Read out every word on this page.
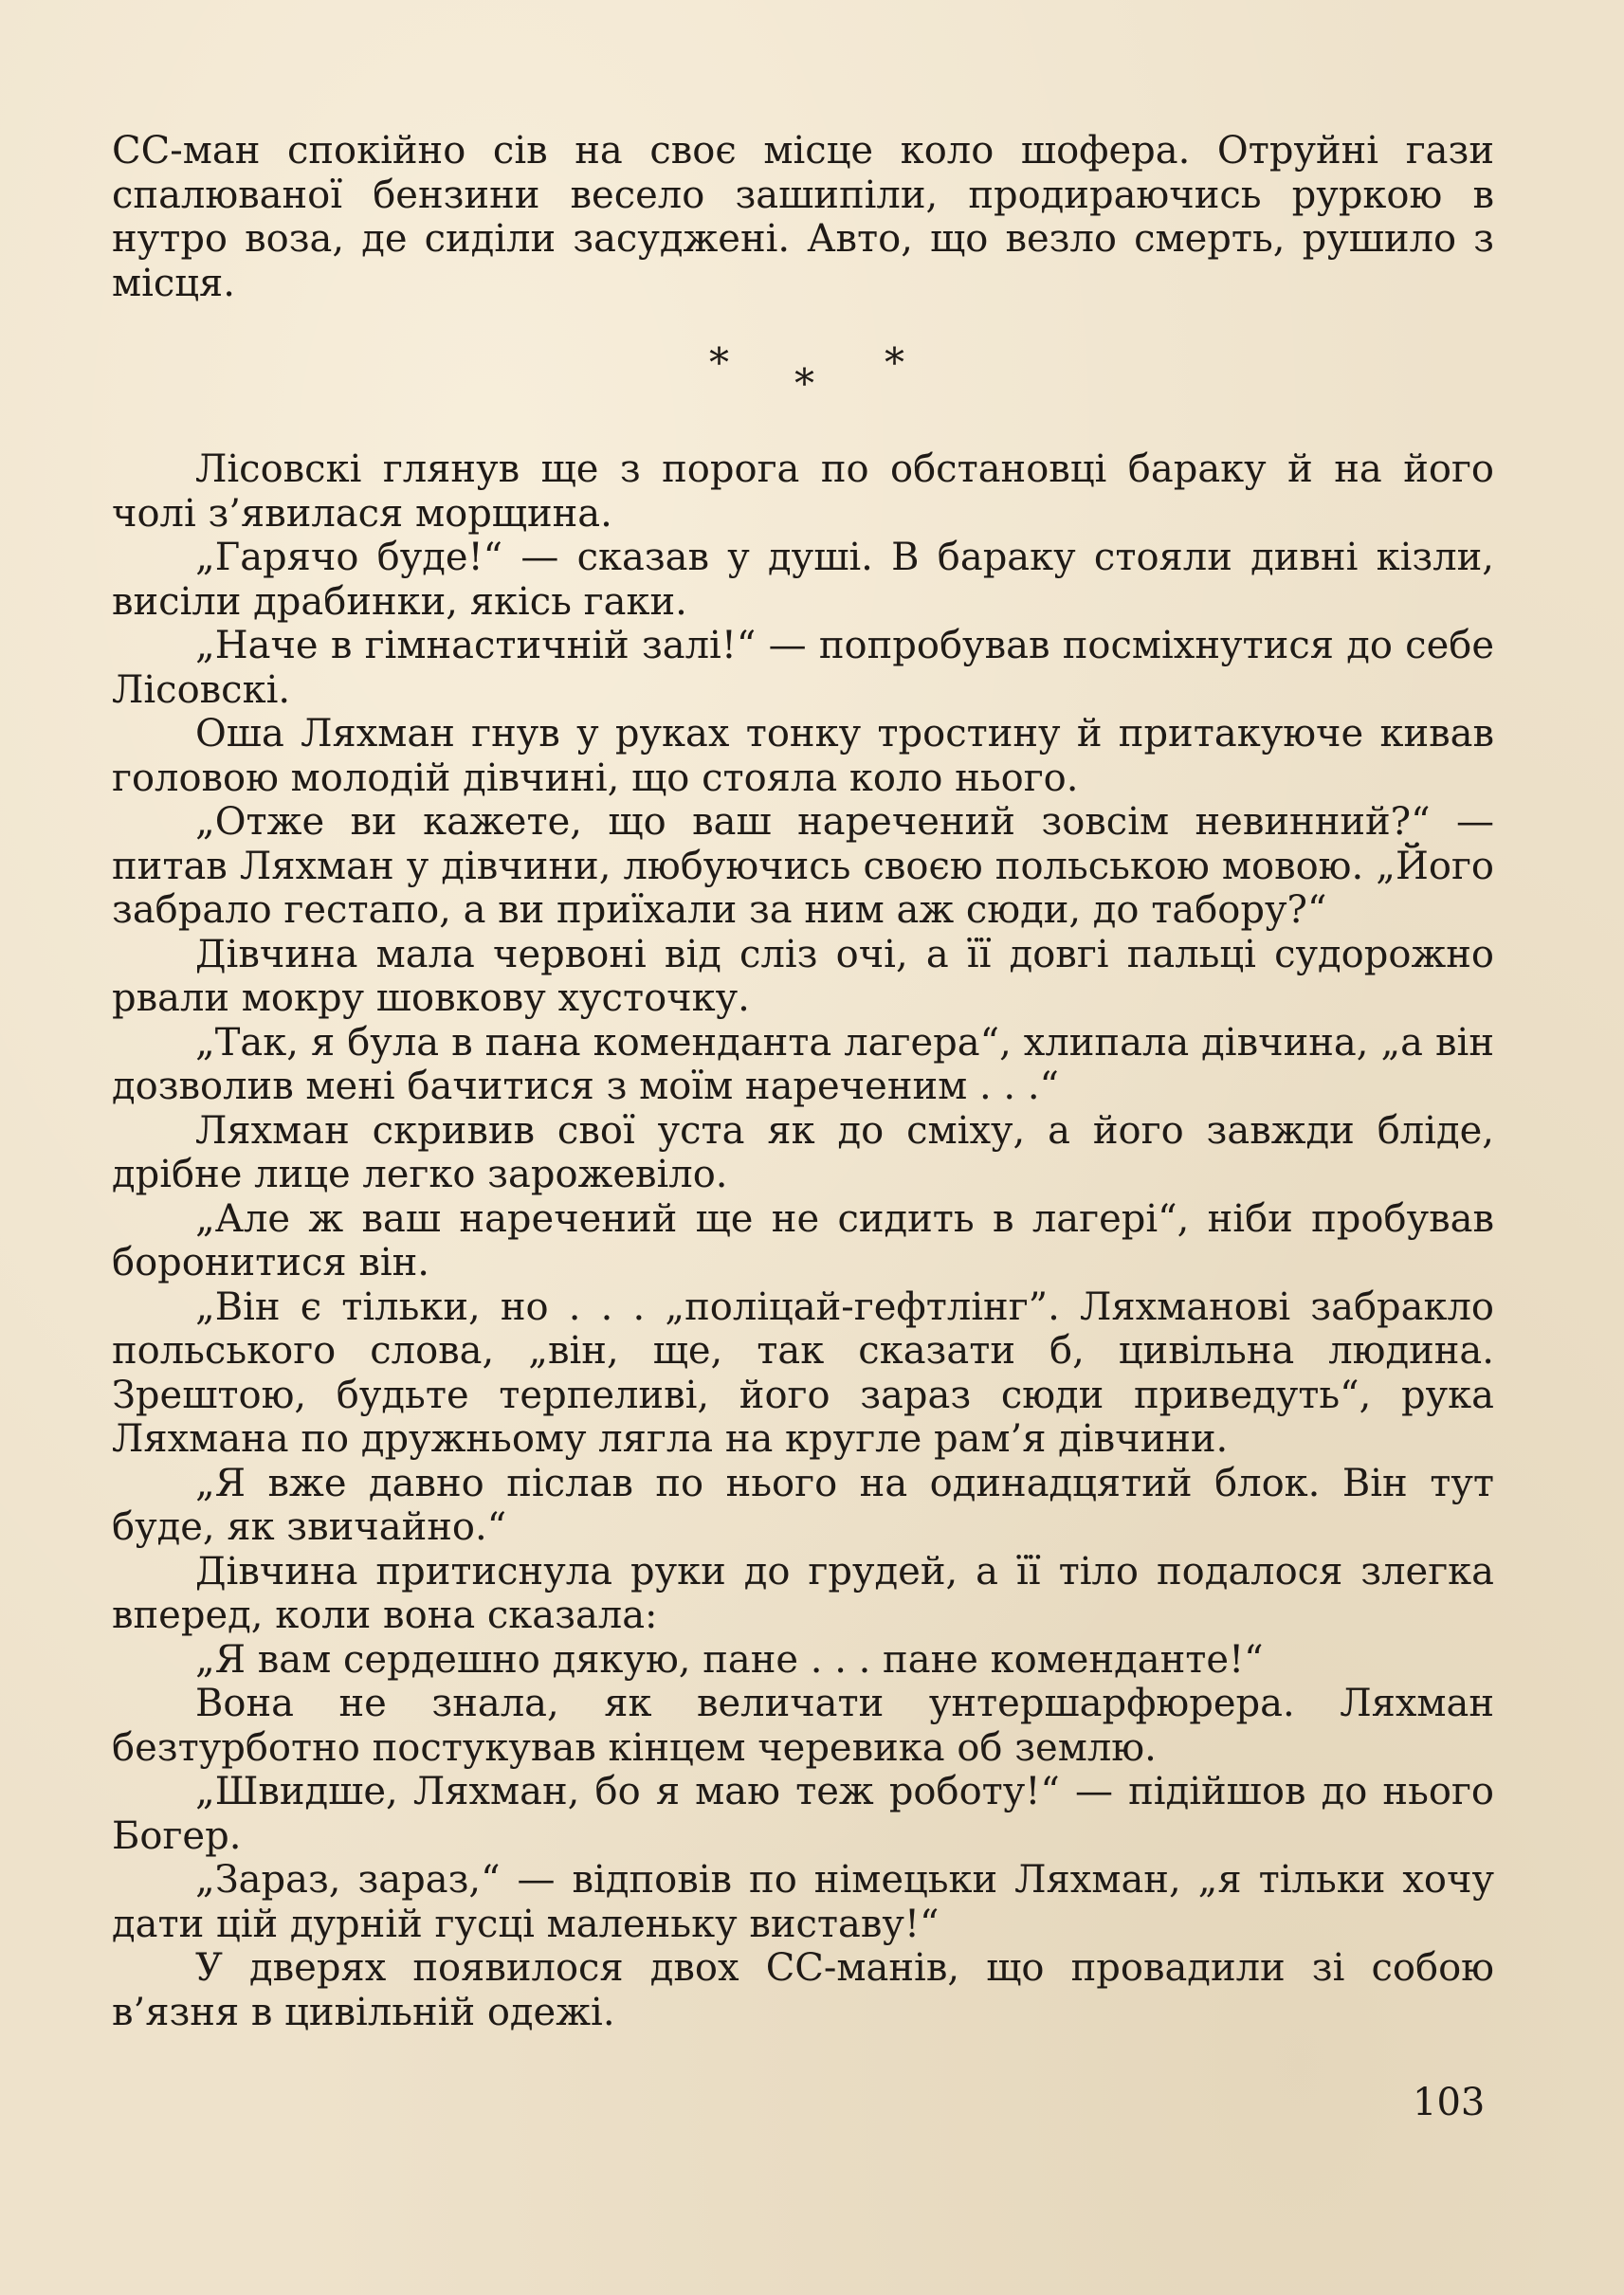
СС-ман спокійно сів на своє місце коло шофера. Отруйні гази спалюваної бензини весело зашипіли, продираючись руркою в нутро воза, де сиділи засуджені. Авто, що везло смерть, рушило з місця.

* * *

Лісовскі глянув ще з порога по обстановці бараку й на його чолі з’явилася морщина.

„Гарячо буде!“ — сказав у душі. В бараку стояли дивні кізли, висіли драбинки, якісь гаки.

„Наче в гімнастичній залі!“ — попробував посміхнутися до себе Лісовскі.

Оша Ляхман гнув у руках тонку тростину й притакуюче кивав головою молодій дівчині, що стояла коло нього.

„Отже ви кажете, що ваш наречений зовсім невинний?“ — питав Ляхман у дівчини, любуючись своєю польською мовою. „Його забрало гестапо, а ви приїхали за ним аж сюди, до табору?“

Дівчина мала червоні від сліз очі, а її довгі пальці судорожно рвали мокру шовкову хусточку.

„Так, я була в пана коменданта лагера“, хлипала дівчина, „а він дозволив мені бачитися з моїм нареченим . . .“

Ляхман скривив свої уста як до сміху, а його завжди бліде, дрібне лице легко зарожевіло.

„Але ж ваш наречений ще не сидить в лагері“, ніби пробував боронитися він.

„Він є тільки, но . . . „поліцай-гефтлінг”. Ляхманові забракло польського слова, „він, ще, так сказати б, цивільна людина. Зрештою, будьте терпеливі, його зараз сюди приведуть“, рука Ляхмана по дружньому лягла на кругле рам’я дівчини.

„Я вже давно післав по нього на одинадцятий блок. Він тут буде, як звичайно.“

Дівчина притиснула руки до грудей, а її тіло подалося злегка вперед, коли вона сказала:

„Я вам сердешно дякую, пане . . . пане коменданте!“

Вона не знала, як величати унтершарфюрера. Ляхман безтурботно постукував кінцем черевика об землю.

„Швидше, Ляхман, бо я маю теж роботу!“ — підійшов до нього Богер.

„Зараз, зараз,“ — відповів по німецьки Ляхман, „я тільки хочу дати цій дурній гусці маленьку виставу!“

У дверях появилося двох СС-манів, що провадили зі собою в’язня в цивільній одежі.

103
